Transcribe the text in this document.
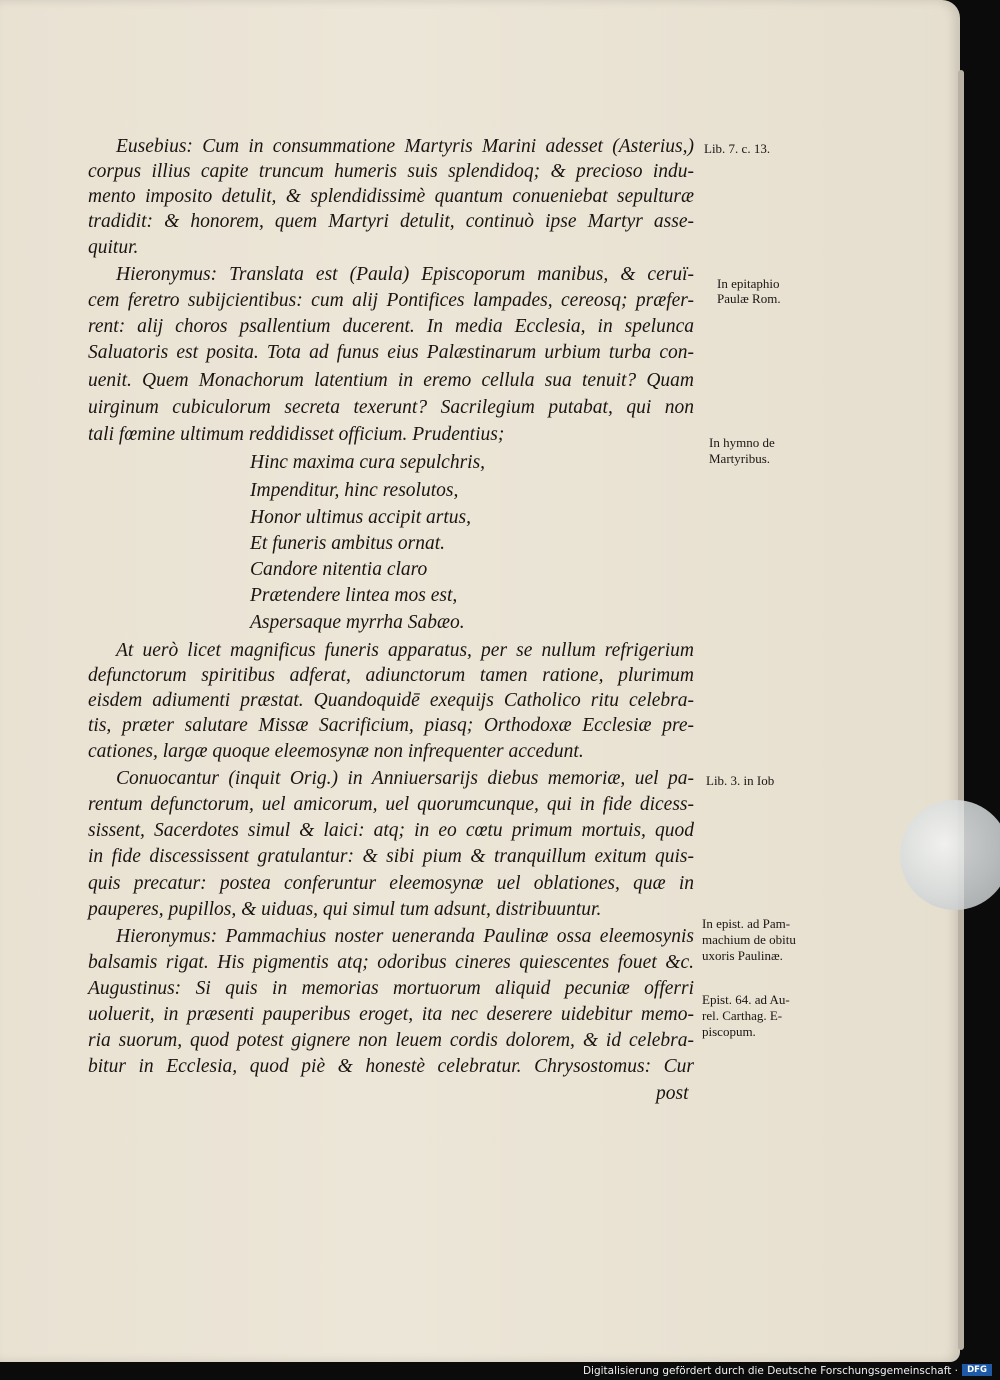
Eusebius: Cum in consummatione Martyris Marini adesset (Asterius,)
corpus illius capite truncum humeris suis splendidoq; & precioso indu-
mento imposito detulit, & splendidissimè quantum conueniebat sepulturæ
tradidit: & honorem, quem Martyri detulit, continuò ipse Martyr asse-
quitur.
Hieronymus: Translata est (Paula) Episcoporum manibus, & ceruï-
cem feretro subijcientibus: cum alij Pontifices lampades, cereosq; præfer-
rent: alij choros psallentium ducerent. In media Ecclesia, in spelunca
Saluatoris est posita. Tota ad funus eius Palæstinarum urbium turba con-
uenit. Quem Monachorum latentium in eremo cellula sua tenuit? Quam
uirginum cubiculorum secreta texerunt? Sacrilegium putabat, qui non
tali fœmine ultimum reddidisset officium. Prudentius;
Hinc maxima cura sepulchris,
Impenditur, hinc resolutos,
Honor ultimus accipit artus,
Et funeris ambitus ornat.
Candore nitentia claro
Prætendere lintea mos est,
Aspersaque myrrha Sabæo.
At uerò licet magnificus funeris apparatus, per se nullum refrigerium
defunctorum spiritibus adferat, adiunctorum tamen ratione, plurimum
eisdem adiumenti præstat. Quandoquidē exequijs Catholico ritu celebra-
tis, præter salutare Missæ Sacrificium, piasq; Orthodoxæ Ecclesiæ pre-
cationes, largæ quoque eleemosynæ non infrequenter accedunt.
Conuocantur (inquit Orig.) in Anniuersarijs diebus memoriæ, uel pa-
rentum defunctorum, uel amicorum, uel quorumcunque, qui in fide dicess-
sissent, Sacerdotes simul & laici: atq; in eo cœtu primum mortuis, quod
in fide discessissent gratulantur: & sibi pium & tranquillum exitum quis-
quis precatur: postea conferuntur eleemosynæ uel oblationes, quæ in
pauperes, pupillos, & uiduas, qui simul tum adsunt, distribuuntur.
Hieronymus: Pammachius noster ueneranda Paulinæ ossa eleemosynis
balsamis rigat. His pigmentis atq; odoribus cineres quiescentes fouet &c.
Augustinus: Si quis in memorias mortuorum aliquid pecuniæ offerri
uoluerit, in præsenti pauperibus eroget, ita nec deserere uidebitur memo-
ria suorum, quod potest gignere non leuem cordis dolorem, & id celebra-
bitur in Ecclesia, quod piè & honestè celebratur. Chrysostomus: Cur
post
Lib. 7. c. 13.
In epitaphio
Paulæ Rom.
In hymno de
Martyribus.
Lib. 3. in Iob
In epist. ad Pam-
machium de obitu
uxoris Paulinæ.
Epist. 64. ad Au-
rel. Carthag. E-
piscopum.
Digitalisierung gefördert durch die Deutsche Forschungsgemeinschaft ·	DFG
